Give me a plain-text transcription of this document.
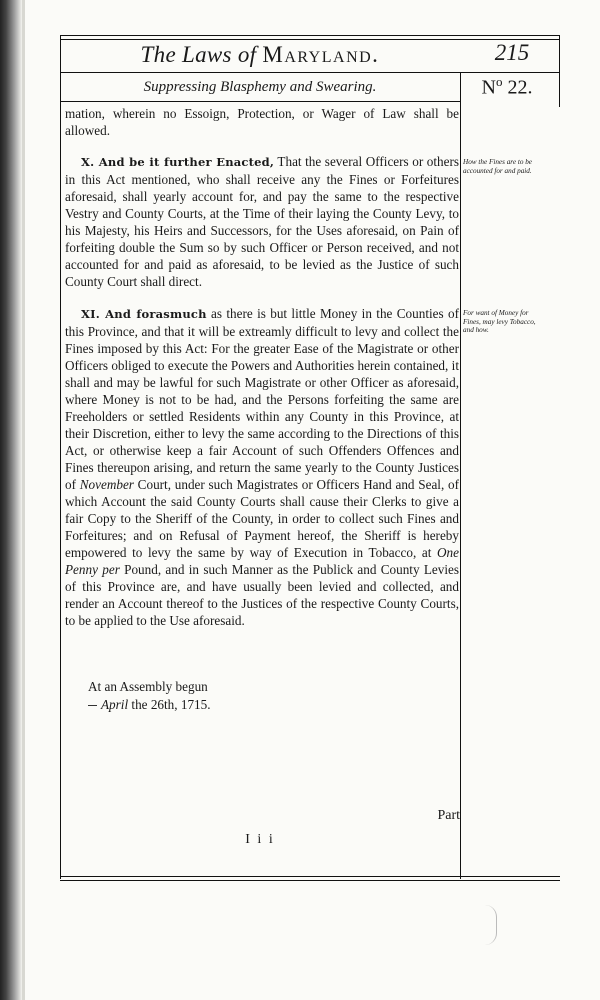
The Laws of Maryland.	215
Suppressing Blasphemy and Swearing.	$N^o$ 22.

mation, wherein no Essoign, Protection, or Wager of Law shall be allowed.

X. And be it further Enacted, That the several Officers or others in this Act mentioned, who shall receive any the Fines or Forfeitures aforesaid, shall yearly account for, and pay the same to the respective Vestry and County Courts, at the Time of their laying the County Levy, to his Majesty, his Heirs and Successors, for the Uses aforesaid, on Pain of forfeiting double the Sum so by such Officer or Person received, and not accounted for and paid as aforesaid, to be levied as the Justice of such County Court shall direct.

XI. And forasmuch as there is but little Money in the Counties of this Province, and that it will be extreamly difficult to levy and collect the Fines imposed by this Act: For the greater Ease of the Magistrate or other Officers obliged to execute the Powers and Authorities herein contained, it shall and may be lawful for such Magistrate or other Officer as aforesaid, where Money is not to be had, and the Persons forfeiting the same are Freeholders or settled Residents within any County in this Province, at their Discretion, either to levy the same according to the Directions of this Act, or otherwise keep a fair Account of such Offenders Offences and Fines thereupon arising, and return the same yearly to the County Justices of November Court, under such Magistrates or Officers Hand and Seal, of which Account the said County Courts shall cause their Clerks to give a fair Copy to the Sheriff of the County, in order to collect such Fines and Forfeitures; and on Refusal of Payment hereof, the Sheriff is hereby empowered to levy the same by way of Execution in Tobacco, at One Penny per Pound, and in such Manner as the Publick and County Levies of this Province are, and have usually been levied and collected, and render an Account thereof to the Justices of the respective County Courts, to be applied to the Use aforesaid.

How the Fines are to be accounted for and paid.
For want of Money for Fines, may levy Tobacco, and how.
At an Assembly begun
April the 26th, 1715.
Part
I i i
